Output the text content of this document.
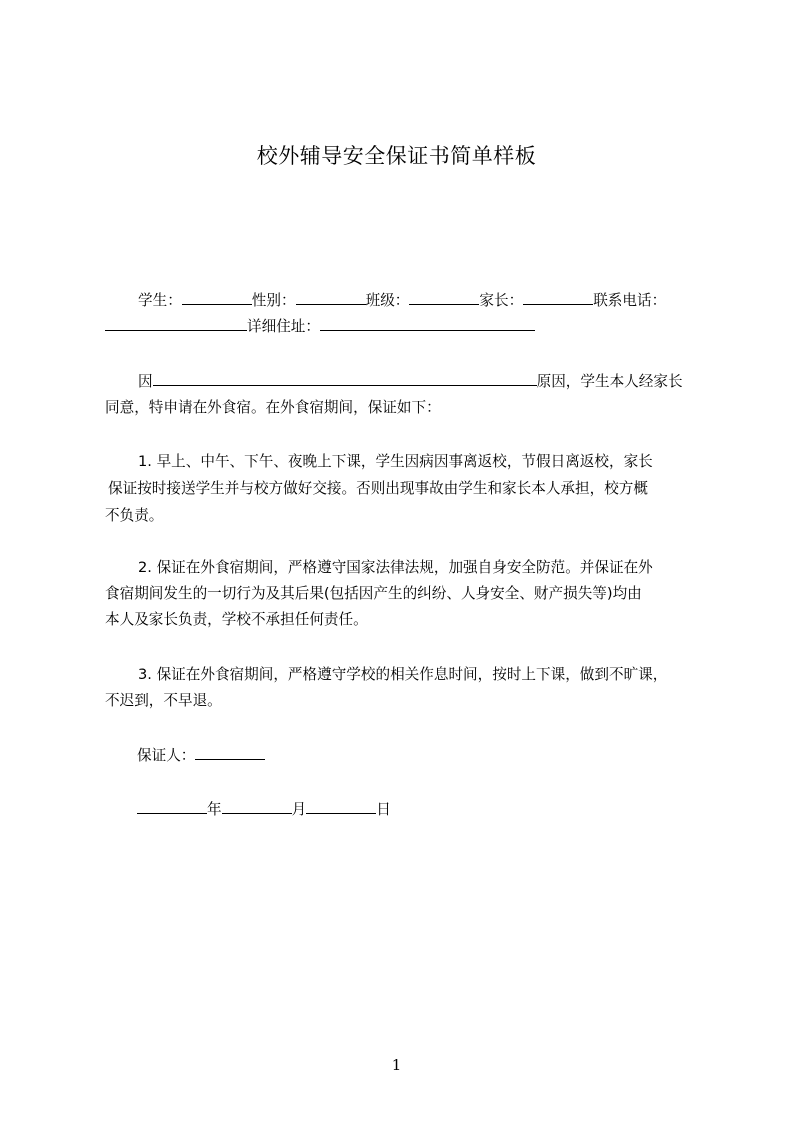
校外辅导安全保证书简单样板
学生：	性别：	班级：	家长：	联系电话：
详细住址：
因	原因，学生本人经家长
同意，特申请在外食宿。在外食宿期间，保证如下：
1. 早上、中午、下午、夜晚上下课，学生因病因事离返校，节假日离返校，家长
保证按时接送学生并与校方做好交接。否则出现事故由学生和家长本人承担，校方概
不负责。
2. 保证在外食宿期间，严格遵守国家法律法规，加强自身安全防范。并保证在外
食宿期间发生的一切行为及其后果(包括因产生的纠纷、人身安全、财产损失等)均由
本人及家长负责，学校不承担任何责任。
3. 保证在外食宿期间，严格遵守学校的相关作息时间，按时上下课，做到不旷课，
不迟到，不早退。
保证人：
年	月	日
1
